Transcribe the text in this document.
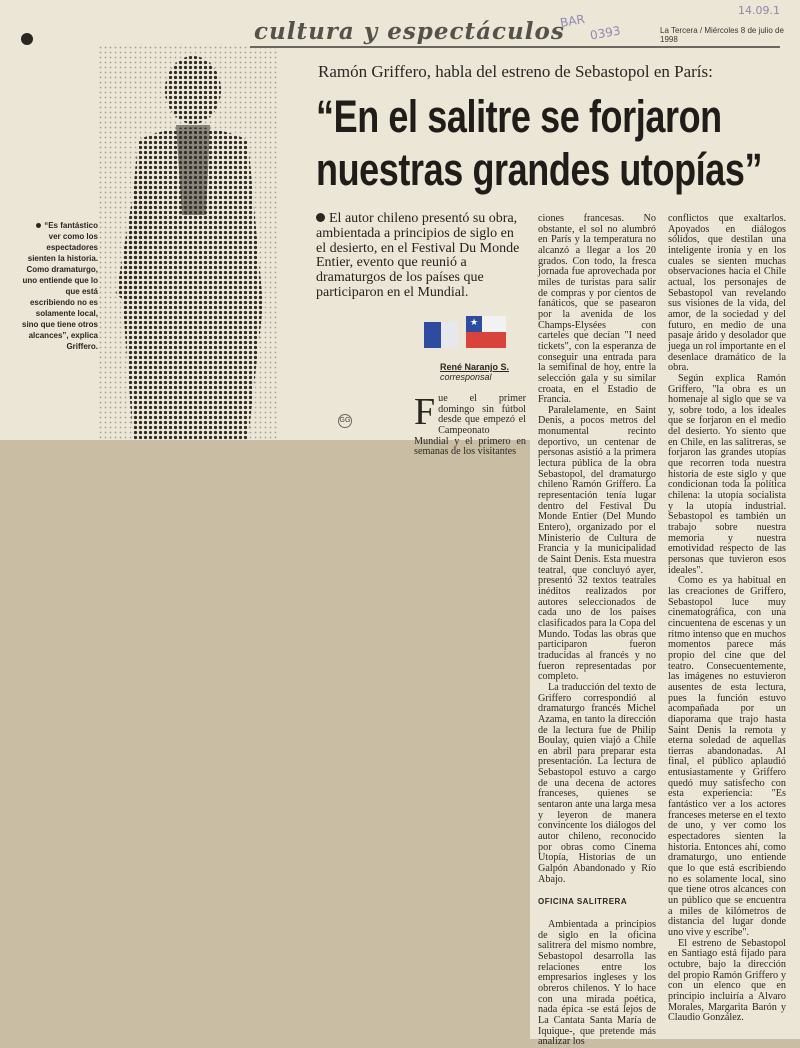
cultura y espectáculos	La Tercera / Miércoles 8 de julio de 1998
BAR
0393
14.09.1
Ramón Griffero, habla del estreno de Sebastopol en París:
“En el salitre se forjaron
nuestras grandes utopías”
“Es fantástico ver como los espectadores sienten la historia. Como dramaturgo, uno entiende que lo que está escribiendo no es solamente local, sino que tiene otros alcances”, explica Griffero.
El autor chileno presentó su obra, ambientada a principios de siglo en el desierto, en el Festival Du Monde Entier, evento que reunió a dramaturgos de los países que participaron en el Mundial.
★
René Naranjo S.
corresponsal

Fue el primer domingo sin fútbol desde que empezó el Campeonato Mundial y el primero en semanas de los visitantes

GG

ciones francesas. No obstante, el sol no alumbró en París y la temperatura no alcanzó a llegar a los 20 grados. Con todo, la fresca jornada fue aprovechada por miles de turistas para salir de compras y por cientos de fanáticos, que se pasearon por la avenida de los Champs-Elysées con carteles que decían "I need tickets", con la esperanza de conseguir una entrada para la semifinal de hoy, entre la selección gala y su similar croata, en el Estadio de Francia.

Paralelamente, en Saint Denis, a pocos metros del monumental recinto deportivo, un centenar de personas asistió a la primera lectura pública de la obra Sebastopol, del dramaturgo chileno Ramón Griffero. La representación tenía lugar dentro del Festival Du Monde Entier (Del Mundo Entero), organizado por el Ministerio de Cultura de Francia y la municipalidad de Saint Denis. Esta muestra teatral, que concluyó ayer, presentó 32 textos teatrales inéditos realizados por autores seleccionados de cada uno de los países clasificados para la Copa del Mundo. Todas las obras que participaron fueron traducidas al francés y no fueron representadas por completo.

La traducción del texto de Griffero correspondió al dramaturgo francés Michel Azama, en tanto la dirección de la lectura fue de Philip Boulay, quien viajó a Chile en abril para preparar esta presentación. La lectura de Sebastopol estuvo a cargo de una decena de actores franceses, quienes se sentaron ante una larga mesa y leyeron de manera convincente los diálogos del autor chileno, reconocido por obras como Cinema Utopía, Historias de un Galpón Abandonado y Río Abajo.

OFICINA SALITRERA

Ambientada a principios de siglo en la oficina salitrera del mismo nombre, Sebastopol desarrolla las relaciones entre los empresarios ingleses y los obreros chilenos. Y lo hace con una mirada poética, nada épica -se está lejos de La Cantata Santa María de Iquique-, que pretende más analizar los

conflictos que exaltarlos. Apoyados en diálogos sólidos, que destilan una inteligente ironía y en los cuales se sienten muchas observaciones hacia el Chile actual, los personajes de Sebastopol van revelando sus visiones de la vida, del amor, de la sociedad y del futuro, en medio de una pasaje árido y desolador que juega un rol importante en el desenlace dramático de la obra.

Según explica Ramón Griffero, "la obra es un homenaje al siglo que se va y, sobre todo, a los ideales que se forjaron en el medio del desierto. Yo siento que en Chile, en las salitreras, se forjaron las grandes utopías que recorren toda nuestra historia de este siglo y que condicionan toda la política chilena: la utopía socialista y la utopía industrial. Sebastopol es también un trabajo sobre nuestra memoria y nuestra emotividad respecto de las personas que tuvieron esos ideales".

Como es ya habitual en las creaciones de Griffero, Sebastopol luce muy cinematográfica, con una cincuentena de escenas y un ritmo intenso que en muchos momentos parece más propio del cine que del teatro. Consecuentemente, las imágenes no estuvieron ausentes de esta lectura, pues la función estuvo acompañada por un diaporama que trajo hasta Saint Denis la remota y eterna soledad de aquellas tierras abandonadas. Al final, el público aplaudió entusiastamente y Griffero quedó muy satisfecho con esta experiencia: "Es fantástico ver a los actores franceses meterse en el texto de uno, y ver como los espectadores sienten la historia. Entonces ahí, como dramaturgo, uno entiende que lo que está escribiendo no es solamente local, sino que tiene otros alcances con un público que se encuentra a miles de kilómetros de distancia del lugar donde uno vive y escribe".

El estreno de Sebastopol en Santiago está fijado para octubre, bajo la dirección del propio Ramón Griffero y con un elenco que en principio incluiría a Alvaro Morales, Margarita Barón y Claudio González.
